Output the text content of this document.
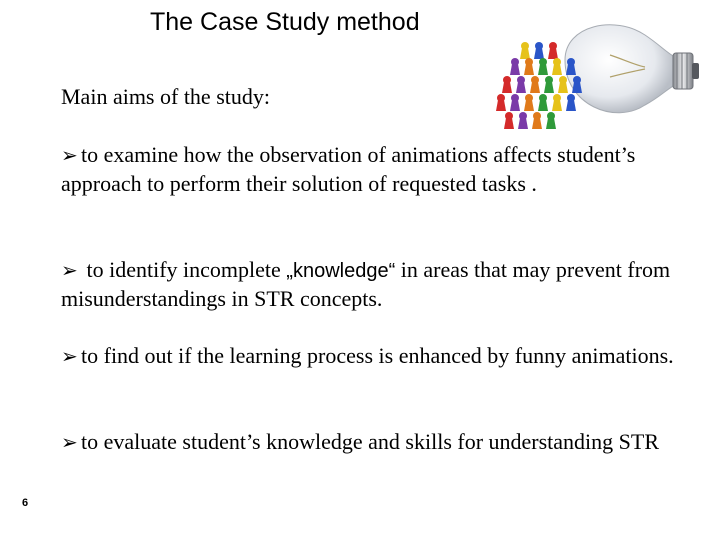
The Case Study method
Main aims of the study:
➢ to examine how the observation of animations affects student’s approach to perform their solution of requested tasks .
➢ to identify incomplete „knowledge“ in areas that may prevent from misunderstandings in STR concepts.
➢ to find out if the learning process is enhanced by funny animations.
➢ to evaluate student’s knowledge and skills for understanding STR
6
